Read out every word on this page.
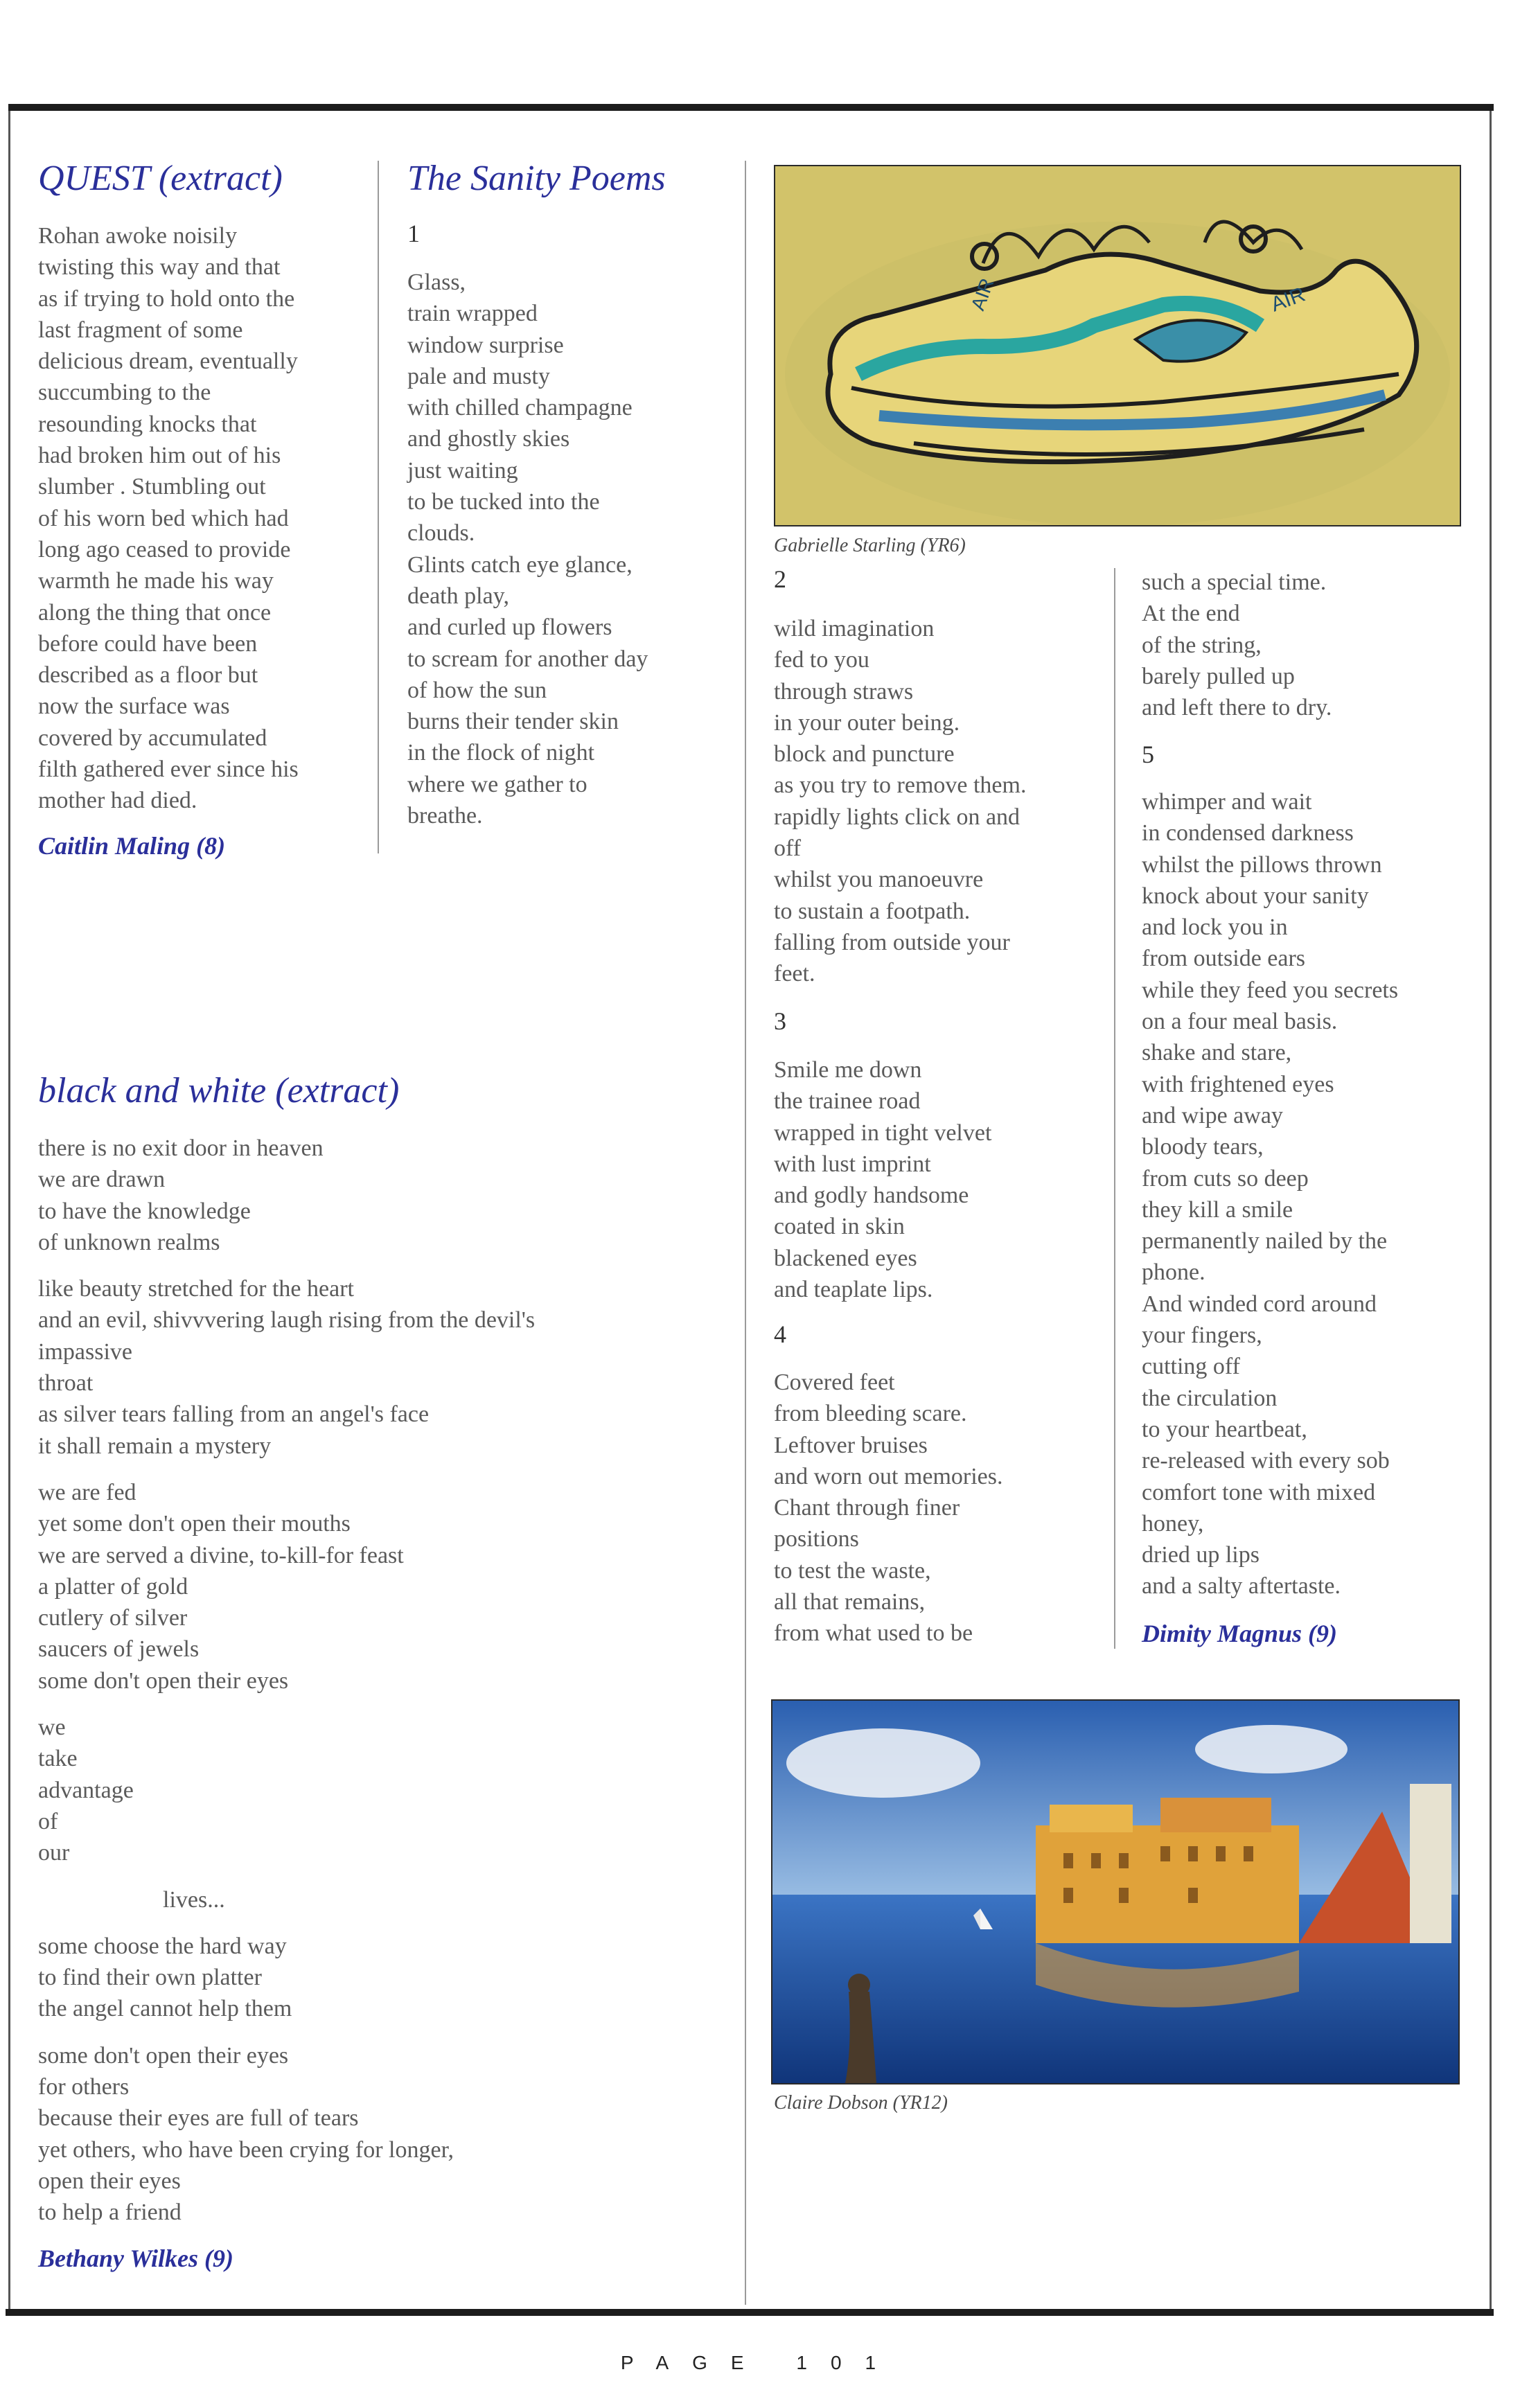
QUEST (extract)

Rohan awoke noisily
twisting this way and that
as if trying to hold onto the
last fragment of some
delicious dream, eventually
succumbing to the
resounding knocks that
had broken him out of his
slumber . Stumbling out
of his worn bed which had
long ago ceased to provide
warmth he made his way
along the thing that once
before could have been
described as a floor but
now the surface was
covered by accumulated
filth gathered ever since his
mother had died.

Caitlin Maling (8)

The Sanity Poems

1

Glass,
train wrapped
window surprise
pale and musty
with chilled champagne
and ghostly skies
just waiting
to be tucked into the
clouds.
Glints catch eye glance,
death play,
and curled up flowers
to scream for another day
of how the sun
burns their tender skin
in the flock of night
where we gather to
breathe.

AIR
AIR

Gabrielle Starling (YR6)

2

wild imagination
fed to you
through straws
in your outer being.
block and puncture
as you try to remove them.
rapidly lights click on and
off
whilst you manoeuvre
to sustain a footpath.
falling from outside your
feet.

3

Smile me down
the trainee road
wrapped in tight velvet
with lust imprint
and godly handsome
coated in skin
blackened eyes
and teaplate lips.

4

Covered feet
from bleeding scare.
Leftover bruises
and worn out memories.
Chant through finer
positions
to test the waste,
all that remains,
from what used to be

such a special time.
At the end
of the string,
barely pulled up
and left there to dry.

5

whimper and wait
in condensed darkness
whilst the pillows thrown
knock about your sanity
and lock you in
from outside ears
while they feed you secrets
on a four meal basis.
shake and stare,
with frightened eyes
and wipe away
bloody tears,
from cuts so deep
they kill a smile
permanently nailed by the
phone.
And winded cord around
your fingers,
cutting off
the circulation
to your heartbeat,
re-released with every sob
comfort tone with mixed
honey,
dried up lips
and a salty aftertaste.

Dimity Magnus (9)

Claire Dobson (YR12)

black and white (extract)

there is no exit door in heaven
we are drawn
to have the knowledge
of unknown realms

like beauty stretched for the heart
and an evil, shivvvering laugh rising from the devil's
impassive
throat
as silver tears falling from an angel's face
it shall remain a mystery

we are fed
yet some don't open their mouths
we are served a divine, to-kill-for feast
a platter of gold
cutlery of silver
saucers of jewels
some don't open their eyes

we
take
advantage
of
our

lives...

some choose the hard way
to find their own platter
the angel cannot help them

some don't open their eyes
for others
because their eyes are full of tears
yet others, who have been crying for longer,
open their eyes
to help a friend

Bethany Wilkes (9)

PAGE 101
